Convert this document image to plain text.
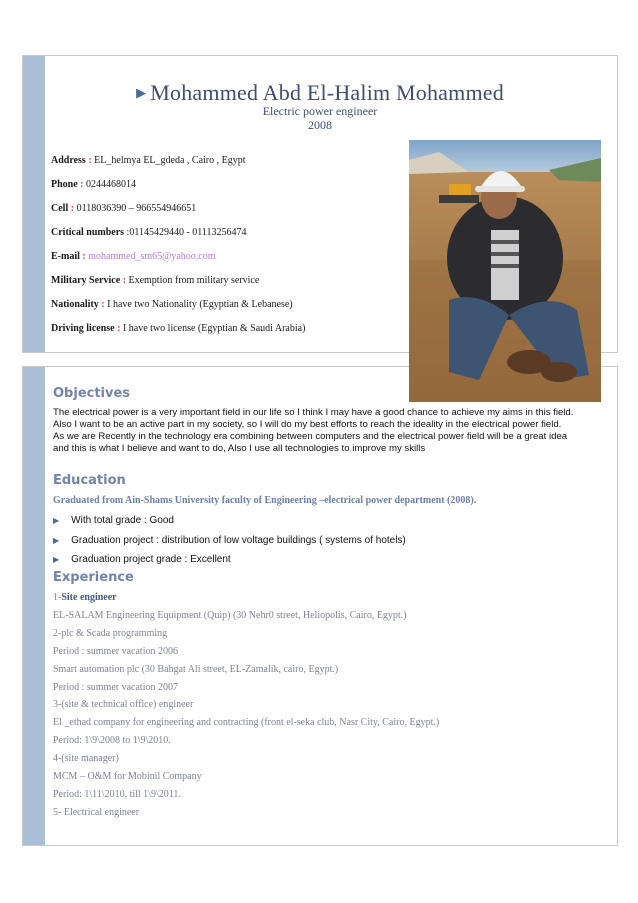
▶ Mohammed Abd El-Halim Mohammed
Electric power engineer
2008
Address : EL_helmya EL_gdeda , Cairo , Egypt
Phone : 0244468014
Cell : 0118036390 – 966554946651
Critical numbers :01145429440 - 01113256474
E-mail : mohammed_sm65@yahoo.com
Military Service : Exemption from military service
Nationality : I have two Nationality (Egyptian & Lebanese)
Driving license : I have two license (Egyptian & Saudi Arabia)
Objectives
The electrical power is a very important field in our life so I think I may have a good chance to achieve my aims in this field.
Also I want to be an active part in my society, so I will do my best efforts to reach the ideality in the electrical power field.
As we are Recently in the technology era combining between computers and the electrical power field will be a great idea
and this is what I believe and want to do, Also I use all technologies to improve my skills
Education
Graduated from Ain-Shams University faculty of Engineering –electrical power department (2008).
▶ With total grade : Good
▶ Graduation project : distribution of low voltage buildings ( systems of hotels)
▶ Graduation project grade : Excellent
Experience
1-Site engineer
EL-SALAM Engineering Equipment (Quip) (30 Nehr0 street, Heliopolis, Cairo, Egypt.)
2-plc & Scada programming
Period : summer vacation 2006
Smart automation plc (30 Bahgat Ali street, EL-Zamalik, cairo, Egypt.)
Period : summer vacation 2007
3-(site & technical office) engineer
El _ethad company for engineering and contracting (front el-seka club, Nasr City, Cairo, Egypt.)
Period: 1\9\2008 to 1\9\2010.
4-(site manager)
MCM – O&M for Mobinil Company
Period: 1\11\2010, till 1\9\2011.
5- Electrical engineer
